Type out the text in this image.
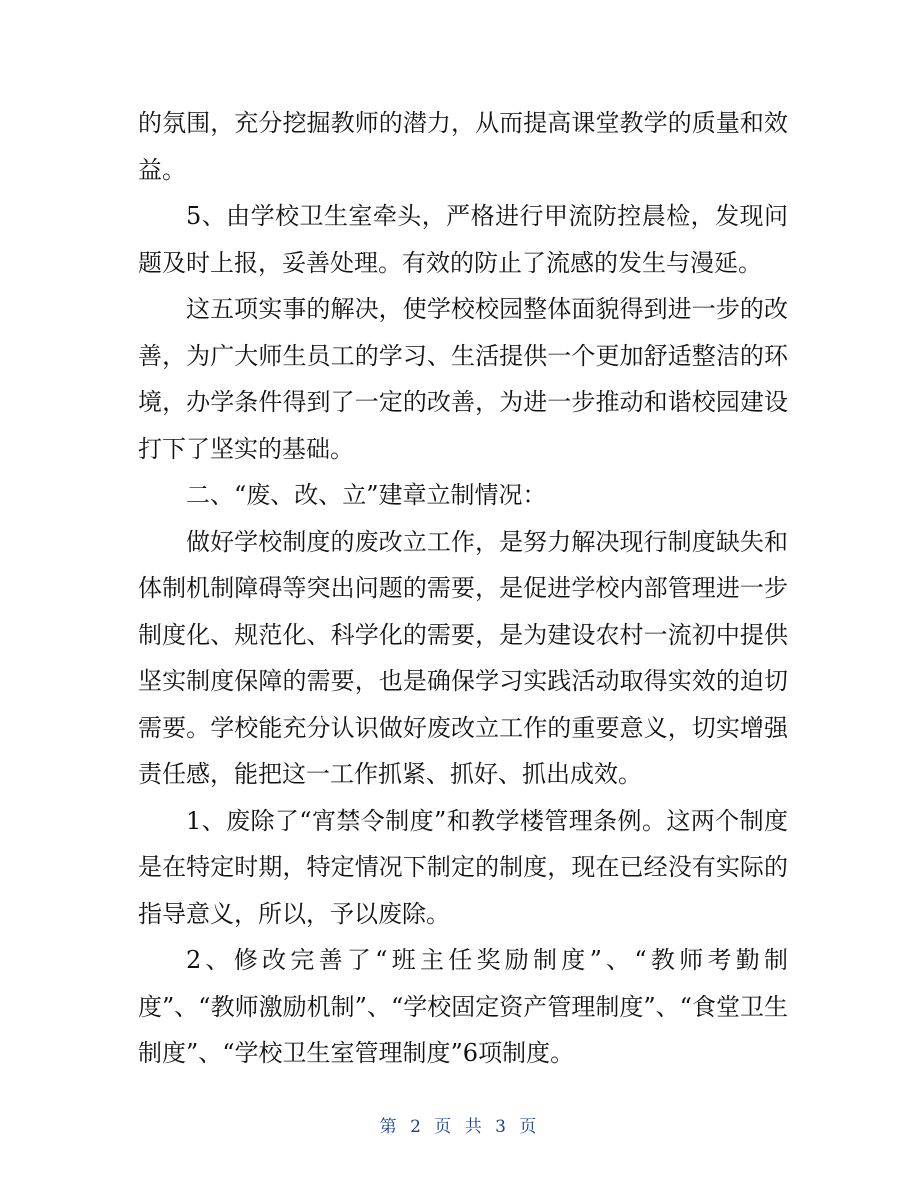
的氛围，充分挖掘教师的潜力，从而提高课堂教学的质量和效益。

5、由学校卫生室牵头，严格进行甲流防控晨检，发现问题及时上报，妥善处理。有效的防止了流感的发生与漫延。

这五项实事的解决，使学校校园整体面貌得到进一步的改善，为广大师生员工的学习、生活提供一个更加舒适整洁的环境，办学条件得到了一定的改善，为进一步推动和谐校园建设打下了坚实的基础。

二、“废、改、立”建章立制情况：

做好学校制度的废改立工作，是努力解决现行制度缺失和体制机制障碍等突出问题的需要，是促进学校内部管理进一步制度化、规范化、科学化的需要，是为建设农村一流初中提供坚实制度保障的需要，也是确保学习实践活动取得实效的迫切需要。学校能充分认识做好废改立工作的重要意义，切实增强责任感，能把这一工作抓紧、抓好、抓出成效。

1、废除了“宵禁令制度”和教学楼管理条例。这两个制度是在特定时期，特定情况下制定的制度，现在已经没有实际的指导意义，所以，予以废除。

2、修改完善了“班主任奖励制度”、“教师考勤制度”、“教师激励机制”、“学校固定资产管理制度”、“食堂卫生制度”、“学校卫生室管理制度”6项制度。

第 2 页 共 3 页
